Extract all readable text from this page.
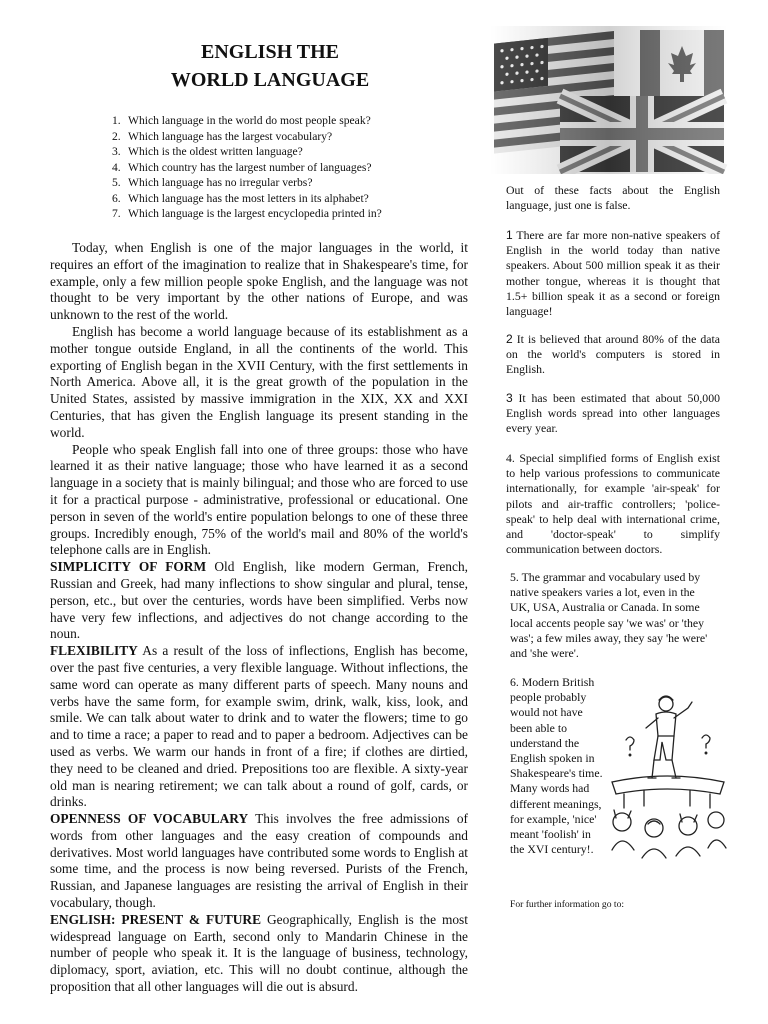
ENGLISH THE
WORLD LANGUAGE
1. Which language in the world do most people speak?
2. Which language has the largest vocabulary?
3. Which is the oldest written language?
4. Which country has the largest number of languages?
5. Which language has no irregular verbs?
6. Which language has the most letters in its alphabet?
7. Which language is the largest encyclopedia printed in?

Today, when English is one of the major languages in the world, it requires an effort of the imagination to realize that in Shakespeare's time, for example, only a few million people spoke English, and the language was not thought to be very important by the other nations of Europe, and was unknown to the rest of the world.

English has become a world language because of its establishment as a mother tongue outside England, in all the continents of the world. This exporting of English began in the XVII Century, with the first settlements in North America. Above all, it is the great growth of the population in the United States, assisted by massive immigration in the XIX, XX and XXI Centuries, that has given the English language its present standing in the world.

People who speak English fall into one of three groups: those who have learned it as their native language; those who have learned it as a second language in a society that is mainly bilingual; and those who are forced to use it for a practical purpose - administrative, professional or educational. One person in seven of the world's entire population belongs to one of these three groups. Incredibly enough, 75% of the world's mail and 80% of the world's telephone calls are in English.

SIMPLICITY OF FORM Old English, like modern German, French, Russian and Greek, had many inflections to show singular and plural, tense, person, etc., but over the centuries, words have been simplified. Verbs now have very few inflections, and adjectives do not change according to the noun.

FLEXIBILITY As a result of the loss of inflections, English has become, over the past five centuries, a very flexible language. Without inflections, the same word can operate as many different parts of speech. Many nouns and verbs have the same form, for example swim, drink, walk, kiss, look, and smile. We can talk about water to drink and to water the flowers; time to go and to time a race; a paper to read and to paper a bedroom. Adjectives can be used as verbs. We warm our hands in front of a fire; if clothes are dirtied, they need to be cleaned and dried. Prepositions too are flexible. A sixty-year old man is nearing retirement; we can talk about a round of golf, cards, or drinks.

OPENNESS OF VOCABULARY This involves the free admissions of words from other languages and the easy creation of compounds and derivatives. Most world languages have contributed some words to English at some time, and the process is now being reversed. Purists of the French, Russian, and Japanese languages are resisting the arrival of English in their vocabulary, though.

ENGLISH: PRESENT & FUTURE Geographically, English is the most widespread language on Earth, second only to Mandarin Chinese in the number of people who speak it. It is the language of business, technology, diplomacy, sport, aviation, etc. This will no doubt continue, although the proposition that all other languages will die out is absurd.

Out of these facts about the English language, just one is false.
1 There are far more non-native speakers of English in the world today than native speakers. About 500 million speak it as their mother tongue, whereas it is thought that 1.5+ billion speak it as a second or foreign language!
2 It is believed that around 80% of the data on the world's computers is stored in English.
3 It has been estimated that about 50,000 English words spread into other languages every year.
4. Special simplified forms of English exist to help various professions to communicate internationally, for example 'air-speak' for pilots and air-traffic controllers; 'police-speak' to help deal with international crime, and 'doctor-speak' to simplify communication between doctors.
5. The grammar and vocabulary used by native speakers varies a lot, even in the UK, USA, Australia or Canada. In some local accents people say 'we was' or 'they was'; a few miles away, they say 'he were' and 'she were'.
6. Modern British people probably would not have been able to understand the English spoken in Shakespeare's time. Many words had different meanings, for example, 'nice' meant 'foolish' in the XVI century!.
For further information go to:
